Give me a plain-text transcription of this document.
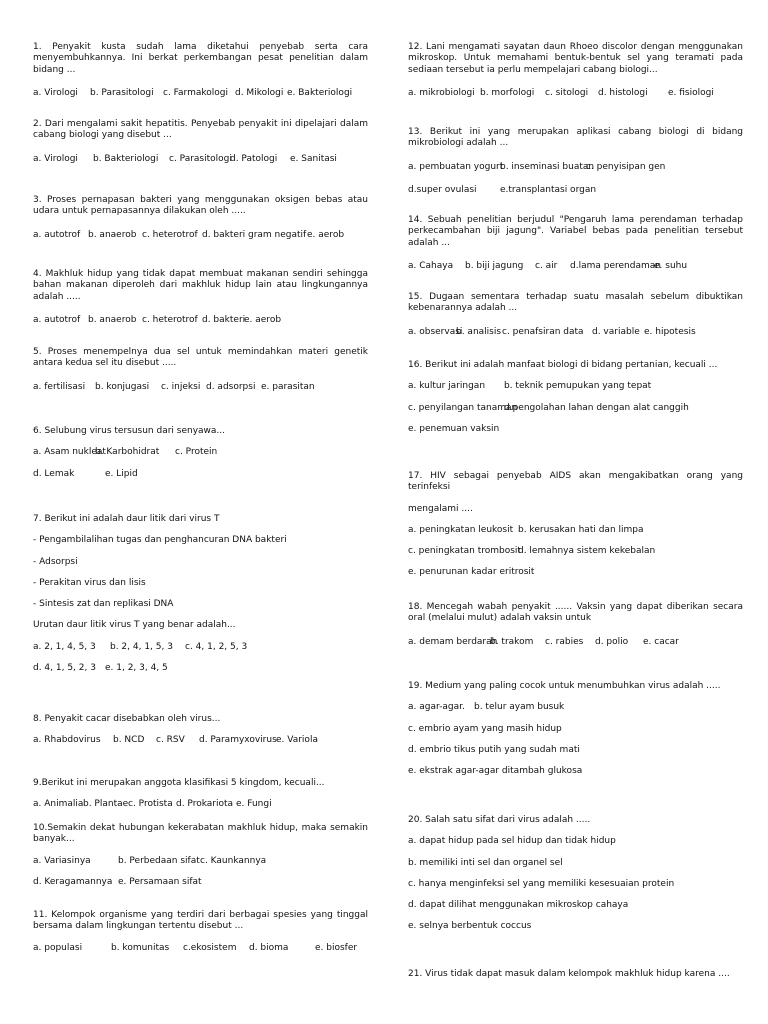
1. Penyakit kusta sudah lama diketahui penyebab serta cara menyembuhkannya. Ini berkat perkembangan pesat penelitian dalam bidang ...

a. Virologi	b. Parasitologi	c. Farmakologi d. Mikologi e. Bakteriologi

2. Dari mengalami sakit hepatitis. Penyebab penyakit ini dipelajari dalam cabang biologi yang disebut ...

a. Virologi	b. Bakteriologi	c. Parasitologi
d. Patologi	e. Sanitasi

3. Proses pernapasan bakteri yang menggunakan oksigen bebas atau udara untuk pernapasannya dilakukan oleh .....

a. autotrof b. anaerob c. heterotrof d. bakteri gram negatif e. aerob

4. Makhluk hidup yang tidak dapat membuat makanan sendiri sehingga bahan makanan diperoleh dari makhluk hidup lain atau lingkungannya adalah .....

a. autotrof b. anaerob c. heterotrof d. bakteri
e. aerob

5. Proses menempelnya dua sel untuk memindahkan materi genetik antara kedua sel itu disebut .....

a. fertilisasi	b. konjugasi	c. injeksi d. adsorpsi e. parasitan

6. Selubung virus tersusun dari senyawa...

a. Asam nukleat
b. Karbohidrat	c. Protein
d. Lemak	e. Lipid

7. Berikut ini adalah daur litik dari virus T

- Pengambilalihan tugas dan penghancuran DNA bakteri
- Adsorpsi
- Perakitan virus dan lisis
- Sintesis zat dan replikasi DNA
Urutan daur litik virus T yang benar adalah...
a. 2, 1, 4, 5, 3	b. 2, 4, 1, 5, 3	c. 4, 1, 2, 5, 3
d. 4, 1, 5, 2, 3	e. 1, 2, 3, 4, 5

8. Penyakit cacar disebabkan oleh virus...

a. Rhabdovirus	b. NCD	c. RSV	d. Paramyxovirus e. Variola

9.Berikut ini merupakan anggota klasifikasi 5 kingdom, kecuali...

a. Animalia b. Plantae c. Protista d. Prokariota e. Fungi

10.Semakin dekat hubungan kekerabatan makhluk hidup, maka semakin banyak...

a. Variasinya	b. Perbedaan sifat c. Kaunkannya
d. Keragamannya e. Persamaan sifat

11. Kelompok organisme yang terdiri dari berbagai spesies yang tinggal bersama dalam lingkungan tertentu disebut ...

a. populasi	b. komunitas	c.ekosistem	d. bioma	e. biosfer

12. Lani mengamati sayatan daun Rhoeo discolor dengan menggunakan mikroskop. Untuk memahami bentuk-bentuk sel yang teramati pada sediaan tersebut ia perlu mempelajari cabang biologi...

a. mikrobiologi b. morfologi	c. sitologi	d. histologi	e. fisiologi

13. Berikut ini yang merupakan aplikasi cabang biologi di bidang mikrobiologi adalah ...

a. pembuatan yogurt
b. inseminasi buatan
c. penyisipan gen
d.super ovulasi	e.transplantasi organ

14. Sebuah penelitian berjudul "Pengaruh lama perendaman terhadap perkecambahan biji jagung". Variabel bebas pada penelitian tersebut adalah ...

a. Cahaya	b. biji jagung	c. air	d.lama perendaman
e. suhu

15. Dugaan sementara terhadap suatu masalah sebelum dibuktikan kebenarannya adalah ...

a. observasi
b. analisis c. penafsiran data d. variable e. hipotesis

16. Berikut ini adalah manfaat biologi di bidang pertanian, kecuali ...

a. kultur jaringan	b. teknik pemupukan yang tepat
c. penyilangan tanaman
d.pengolahan lahan dengan alat canggih
e. penemuan vaksin

17. HIV sebagai penyebab AIDS akan mengakibatkan orang yang terinfeksi

mengalami ....
a. peningkatan leukosit b. kerusakan hati dan limpa
c. peningkatan trombosit
d. lemahnya sistem kekebalan
e. penurunan kadar eritrosit

18. Mencegah wabah penyakit ...... Vaksin yang dapat diberikan secara oral (melalui mulut) adalah vaksin untuk

a. demam berdarah
b. trakom	c. rabies	d. polio	e. cacar

19. Medium yang paling cocok untuk menumbuhkan virus adalah .....

a. agar-agar.	b. telur ayam busuk
c. embrio ayam yang masih hidup
d. embrio tikus putih yang sudah mati
e. ekstrak agar-agar ditambah glukosa

20. Salah satu sifat dari virus adalah .....

a. dapat hidup pada sel hidup dan tidak hidup
b. memiliki inti sel dan organel sel
c. hanya menginfeksi sel yang memiliki kesesuaian protein
d. dapat dilihat menggunakan mikroskop cahaya
e. selnya berbentuk coccus

21. Virus tidak dapat masuk dalam kelompok makhluk hidup karena ....
